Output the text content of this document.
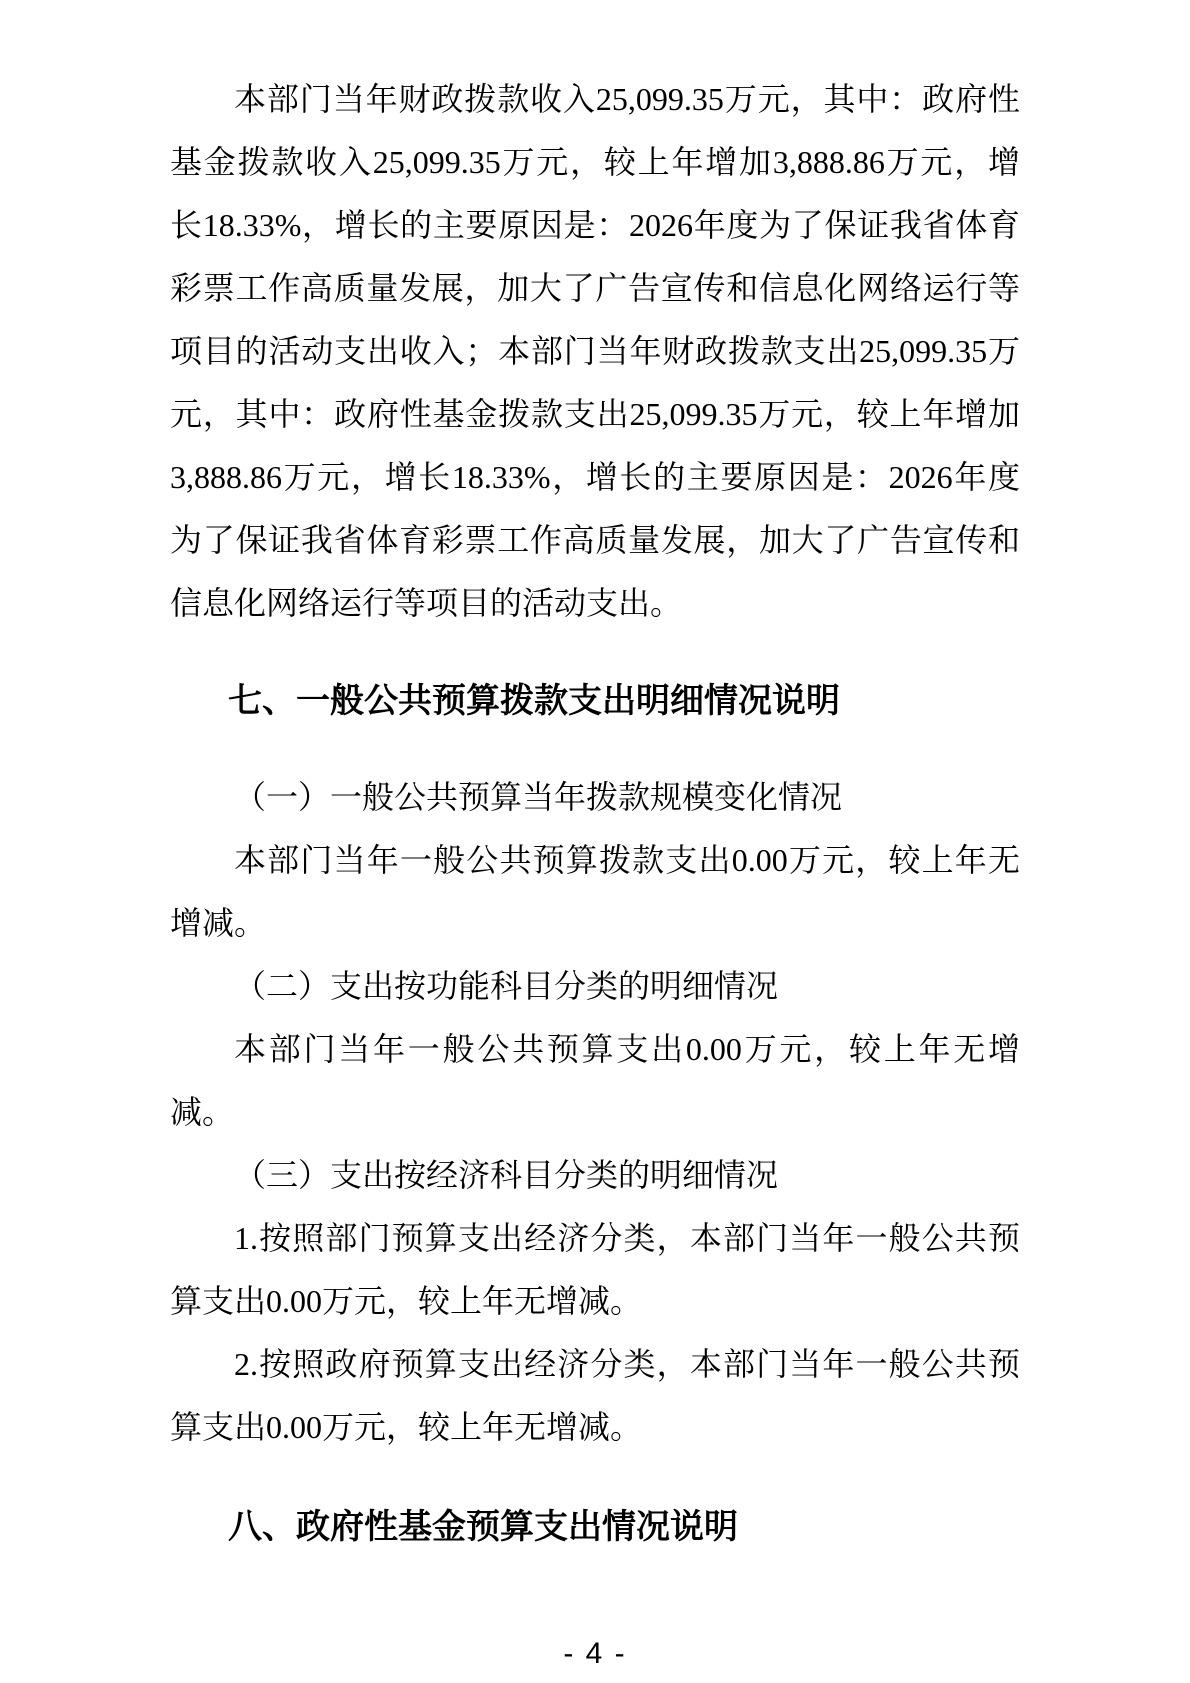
本部门当年财政拨款收入25,099.35万元，其中：政府性
基金拨款收入25,099.35万元，较上年增加3,888.86万元，增
长18.33%，增长的主要原因是：2026年度为了保证我省体育
彩票工作高质量发展，加大了广告宣传和信息化网络运行等
项目的活动支出收入；本部门当年财政拨款支出25,099.35万
元，其中：政府性基金拨款支出25,099.35万元，较上年增加
3,888.86万元，增长18.33%，增长的主要原因是：2026年度
为了保证我省体育彩票工作高质量发展，加大了广告宣传和
信息化网络运行等项目的活动支出。
七、一般公共预算拨款支出明细情况说明
（一）一般公共预算当年拨款规模变化情况
本部门当年一般公共预算拨款支出0.00万元，较上年无
增减。
（二）支出按功能科目分类的明细情况
本部门当年一般公共预算支出0.00万元，较上年无增
减。
（三）支出按经济科目分类的明细情况
1.按照部门预算支出经济分类，本部门当年一般公共预
算支出0.00万元，较上年无增减。
2.按照政府预算支出经济分类，本部门当年一般公共预
算支出0.00万元，较上年无增减。
八、政府性基金预算支出情况说明
- 4 -
